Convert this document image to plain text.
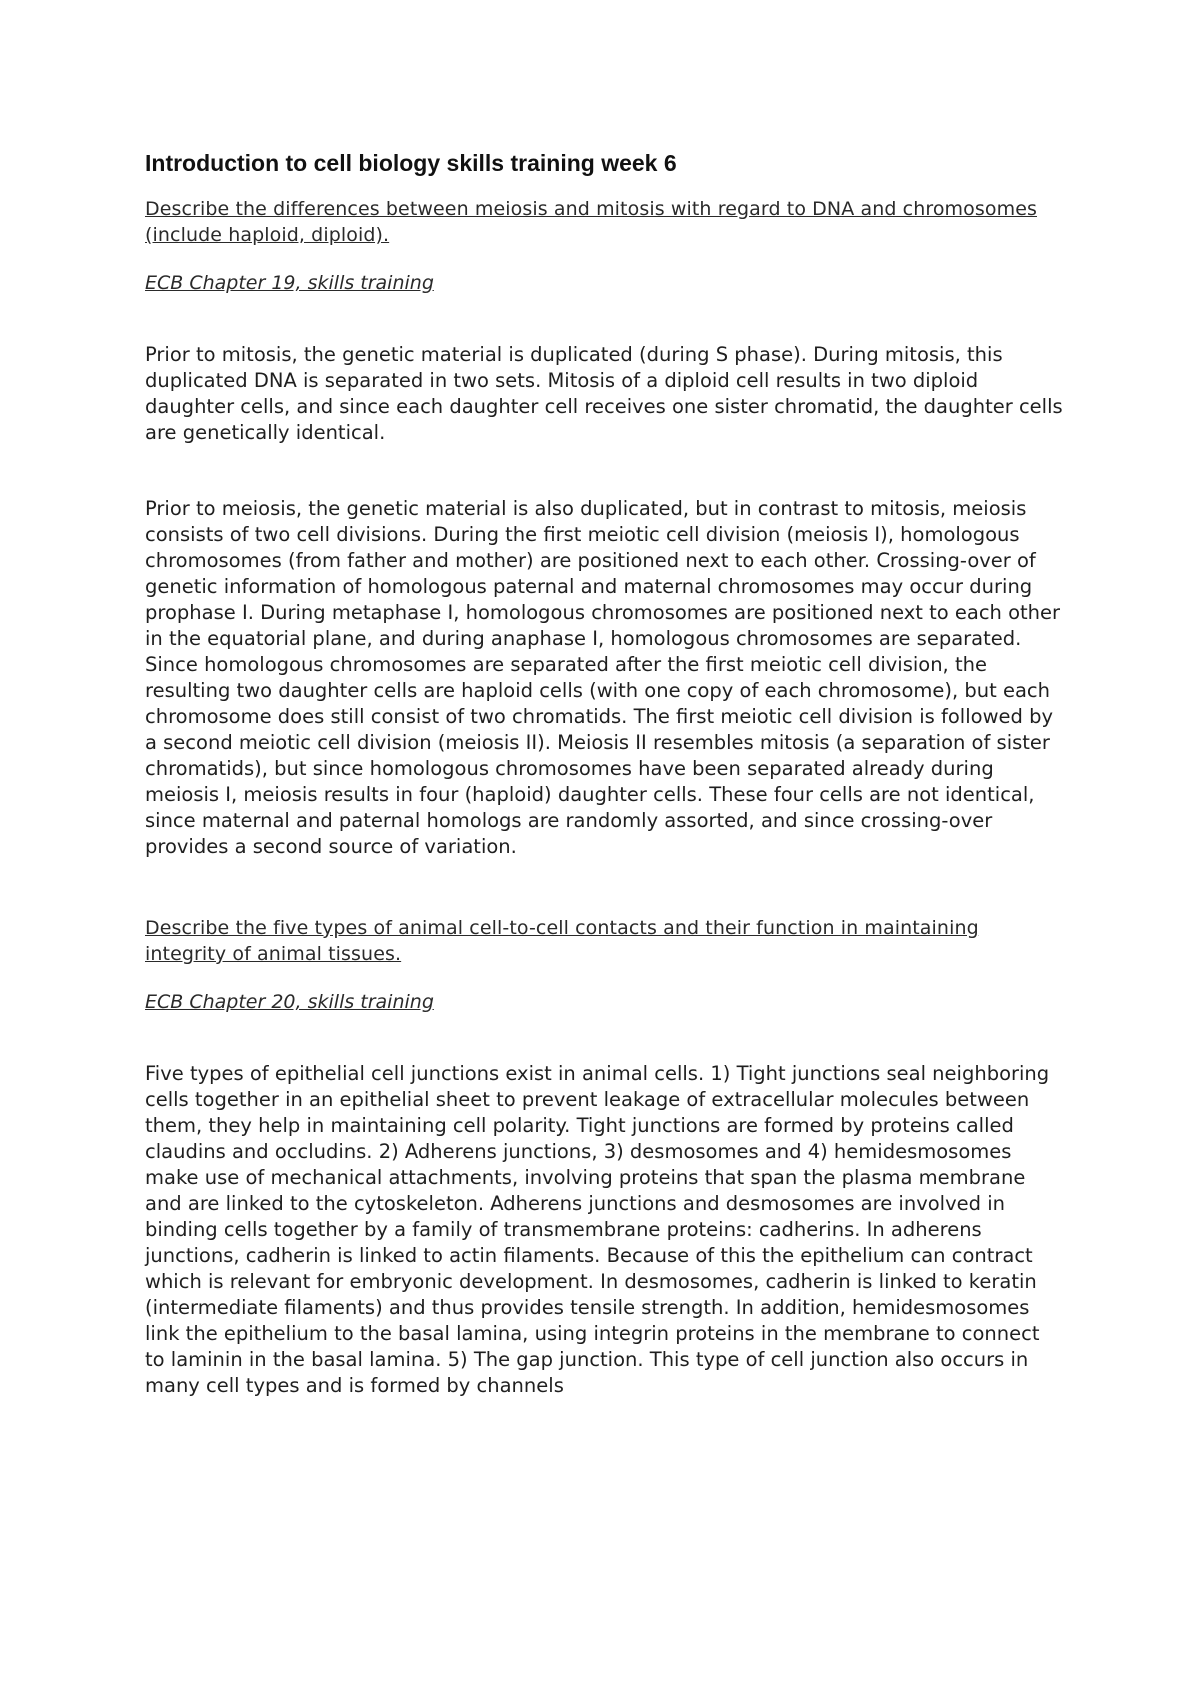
Introduction to cell biology skills training week 6

Describe the differences between meiosis and mitosis with regard to DNA and chromosomes (include haploid, diploid).

ECB Chapter 19, skills training

Prior to mitosis, the genetic material is duplicated (during S phase). During mitosis, this duplicated DNA is separated in two sets. Mitosis of a diploid cell results in two diploid daughter cells, and since each daughter cell receives one sister chromatid, the daughter cells are genetically identical.

Prior to meiosis, the genetic material is also duplicated, but in contrast to mitosis, meiosis consists of two cell divisions. During the first meiotic cell division (meiosis I), homologous chromosomes (from father and mother) are positioned next to each other. Crossing-over of genetic information of homologous paternal and maternal chromosomes may occur during prophase I. During metaphase I, homologous chromosomes are positioned next to each other in the equatorial plane, and during anaphase I, homologous chromosomes are separated. Since homologous chromosomes are separated after the first meiotic cell division, the resulting two daughter cells are haploid cells (with one copy of each chromosome), but each chromosome does still consist of two chromatids. The first meiotic cell division is followed by a second meiotic cell division (meiosis II). Meiosis II resembles mitosis (a separation of sister chromatids), but since homologous chromosomes have been separated already during meiosis I, meiosis results in four (haploid) daughter cells. These four cells are not identical, since maternal and paternal homologs are randomly assorted, and since crossing-over provides a second source of variation.

Describe the five types of animal cell-to-cell contacts and their function in maintaining integrity of animal tissues.

ECB Chapter 20, skills training

Five types of epithelial cell junctions exist in animal cells. 1) Tight junctions seal neighboring cells together in an epithelial sheet to prevent leakage of extracellular molecules between them, they help in maintaining cell polarity. Tight junctions are formed by proteins called claudins and occludins. 2) Adherens junctions, 3) desmosomes and 4) hemidesmosomes make use of mechanical attachments, involving proteins that span the plasma membrane and are linked to the cytoskeleton. Adherens junctions and desmosomes are involved in binding cells together by a family of transmembrane proteins: cadherins. In adherens junctions, cadherin is linked to actin filaments. Because of this the epithelium can contract which is relevant for embryonic development. In desmosomes, cadherin is linked to keratin (intermediate filaments) and thus provides tensile strength. In addition, hemidesmosomes link the epithelium to the basal lamina, using integrin proteins in the membrane to connect to laminin in the basal lamina. 5) The gap junction. This type of cell junction also occurs in many cell types and is formed by channels
